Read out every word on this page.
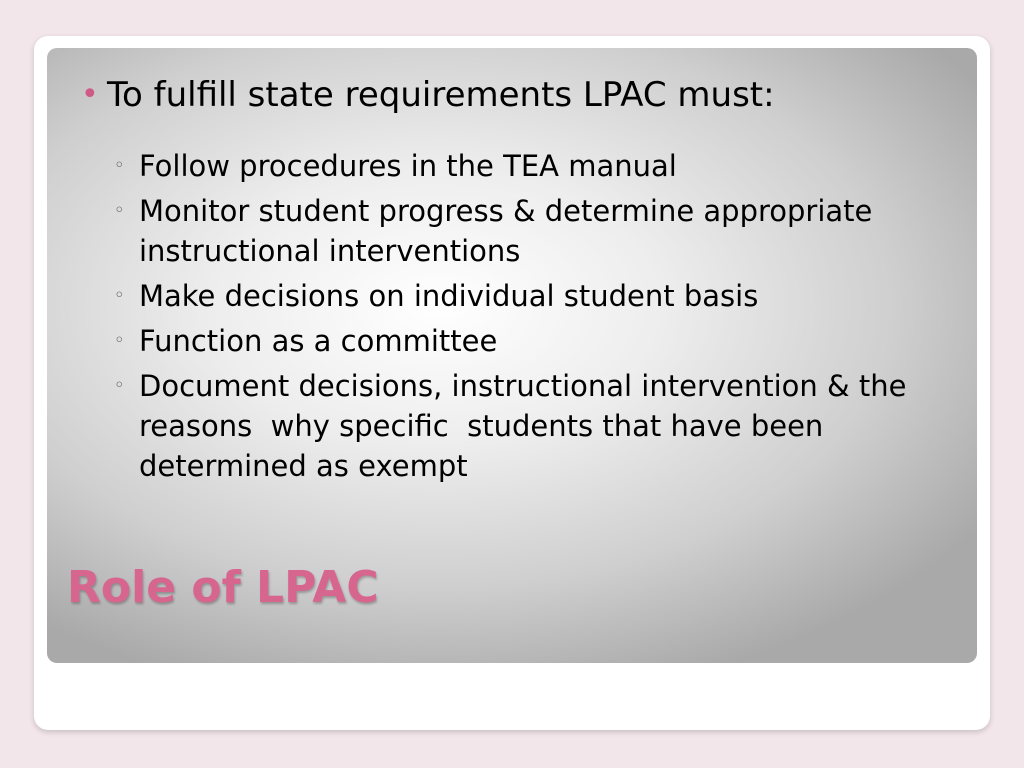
• To fulfill state requirements LPAC must:
◦ Follow procedures in the TEA manual
◦ Monitor student progress & determine appropriate instructional interventions
◦ Make decisions on individual student basis
◦ Function as a committee
◦ Document decisions, instructional intervention & the reasons  why specific  students that have been determined as exempt
Role of LPAC
